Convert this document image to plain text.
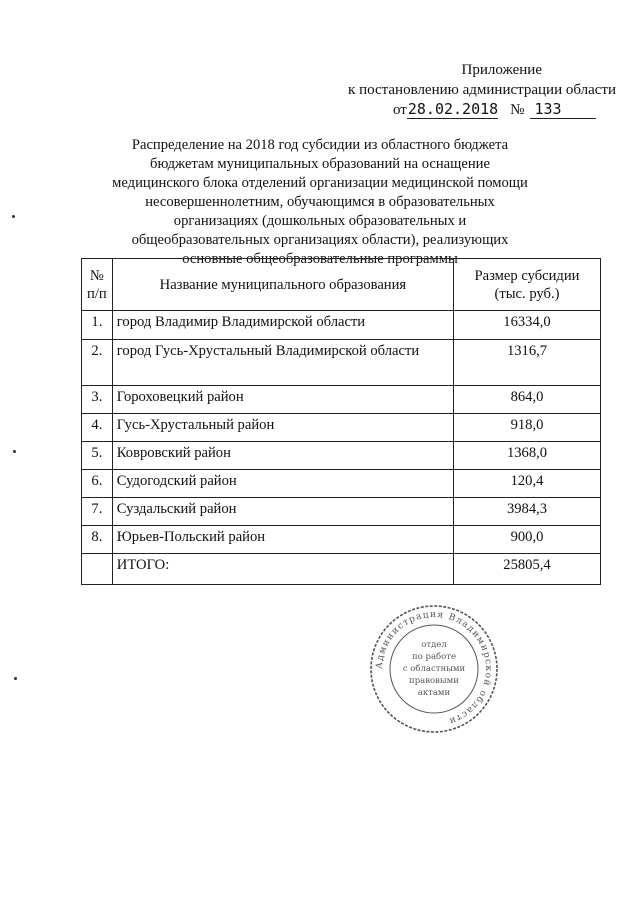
Приложение
к постановлению администрации области
от 28.02.2018 № 133
Распределение на 2018 год субсидии из областного бюджета бюджетам муниципальных образований на оснащение медицинского блока отделений организации медицинской помощи несовершеннолетним, обучающимся в образовательных организациях (дошкольных образовательных и общеобразовательных организациях области), реализующих основные общеобразовательные программы
№ п/п	Название муниципального образования	Размер субсидии (тыс. руб.)
1.	город Владимир Владимирской области	16334,0
2.	город Гусь-Хрустальный Владимирской области	1316,7
3.	Гороховецкий район	864,0
4.	Гусь-Хрустальный район	918,0
5.	Ковровский район	1368,0
6.	Судогодский район	120,4
7.	Суздальский район	3984,3
8.	Юрьев-Польский район	900,0
	ИТОГО:	25805,4
Администрация Владимирской области
отдел
по работе
с областными
правовыми
актами
